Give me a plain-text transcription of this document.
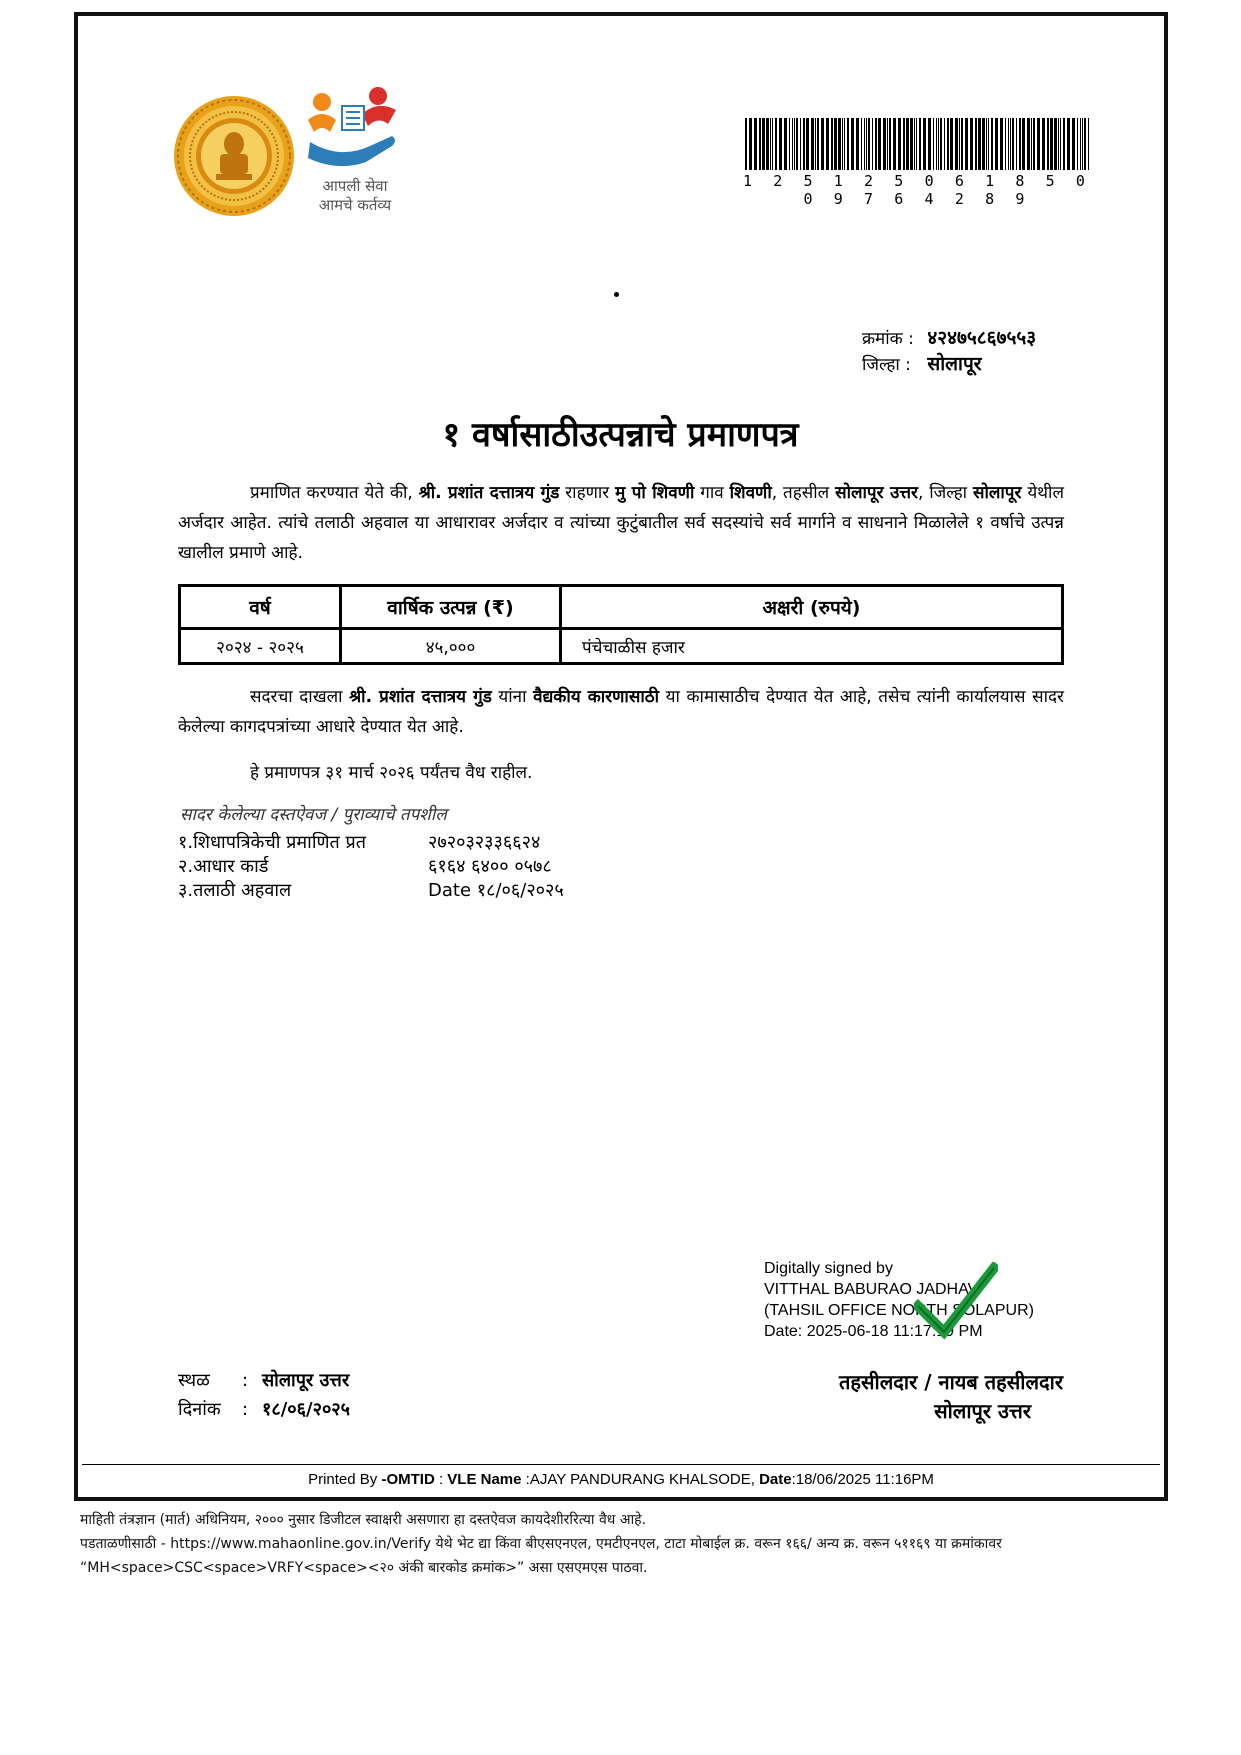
आपली सेवा
आमचे कर्तव्य
1 2 5 1 2 5 0 6 1 8 5 0 0 9 7 6 4 2 8 9
क्रमांक : ४२४७५८६७५५३
जिल्हा : सोलापूर
१ वर्षासाठीउत्पन्नाचे प्रमाणपत्र
प्रमाणित करण्यात येते की, श्री. प्रशांत दत्तात्रय गुंड राहणार मु पो शिवणी गाव शिवणी, तहसील सोलापूर उत्तर, जिल्हा सोलापूर येथील अर्जदार आहेत. त्यांचे तलाठी अहवाल या आधारावर अर्जदार व त्यांच्या कुटुंबातील सर्व सदस्यांचे सर्व मार्गाने व साधनाने मिळालेले १ वर्षाचे उत्पन्न खालील प्रमाणे आहे.
वर्ष	वार्षिक उत्पन्न (₹)	अक्षरी (रुपये)
२०२४ - २०२५	४५,०००	पंचेचाळीस हजार
सदरचा दाखला श्री. प्रशांत दत्तात्रय गुंड यांना वैद्यकीय कारणासाठी या कामासाठीच देण्यात येत आहे, तसेच त्यांनी कार्यालयास सादर केलेल्या कागदपत्रांच्या आधारे देण्यात येत आहे.
हे प्रमाणपत्र ३१ मार्च २०२६ पर्यंतच वैध राहील.
सादर केलेल्या दस्तऐवज / पुराव्याचे तपशील
१.शिधापत्रिकेची प्रमाणित प्रत	२७२०३२३३६६२४
२.आधार कार्ड	६१६४ ६४०० ०५७८
३.तलाठी अहवाल	Date १८/०६/२०२५
Digitally signed by
VITTHAL BABURAO JADHAV
(TAHSIL OFFICE NORTH SOLAPUR)
Date: 2025-06-18 11:17:19 PM
स्थळ : सोलापूर उत्तर
दिनांक : १८/०६/२०२५
तहसीलदार / नायब तहसीलदार
सोलापूर उत्तर
Printed By -OMTID : VLE Name :AJAY PANDURANG KHALSODE, Date:18/06/2025 11:16PM
माहिती तंत्रज्ञान (मार्त) अधिनियम, २००० नुसार डिजीटल स्वाक्षरी असणारा हा दस्तऐवज कायदेशीररित्या वैध आहे.
पडताळणीसाठी - https://www.mahaonline.gov.in/Verify येथे भेट द्या किंवा बीएसएनएल, एमटीएनएल, टाटा मोबाईल क्र. वरून १६६/ अन्य क्र. वरून ५११६९ या क्रमांकावर
“MH<space>CSC<space>VRFY<space><२० अंकी बारकोड क्रमांक>” असा एसएमएस पाठवा.
